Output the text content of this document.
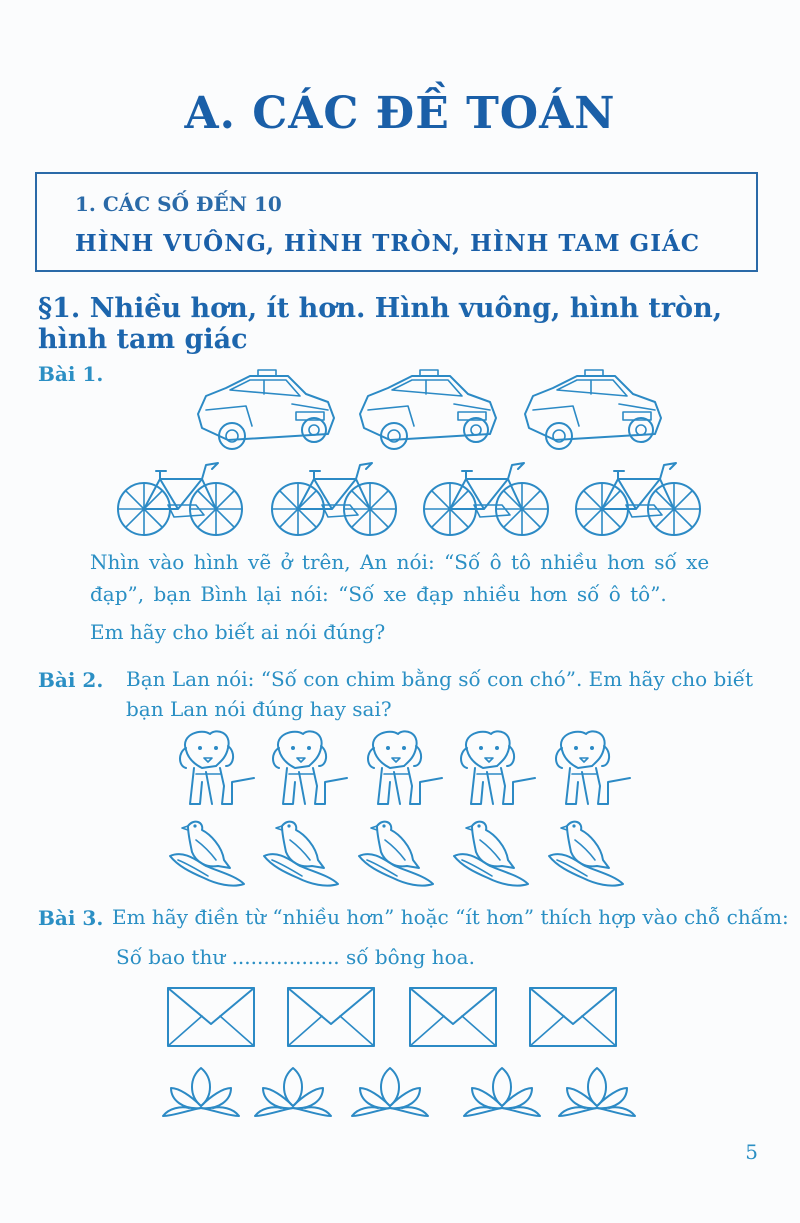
A. CÁC ĐỀ TOÁN
1. CÁC SỐ ĐẾN 10
HÌNH VUÔNG, HÌNH TRÒN, HÌNH TAM GIÁC
§1. Nhiều hơn, ít hơn. Hình vuông, hình tròn, hình tam giác
Bài 1.
Nhìn vào hình vẽ ở trên, An nói: “Số ô tô nhiều hơn số xe
đạp”, bạn Bình lại nói: “Số xe đạp nhiều hơn số ô tô”.
Em hãy cho biết ai nói đúng?
Bài 2. Bạn Lan nói: “Số con chim bằng số con chó”. Em hãy cho biết
bạn Lan nói đúng hay sai?
Bài 3. Em hãy điền từ “nhiều hơn” hoặc “ít hơn” thích hợp vào chỗ chấm:
Số bao thư ................. số bông hoa.
5
